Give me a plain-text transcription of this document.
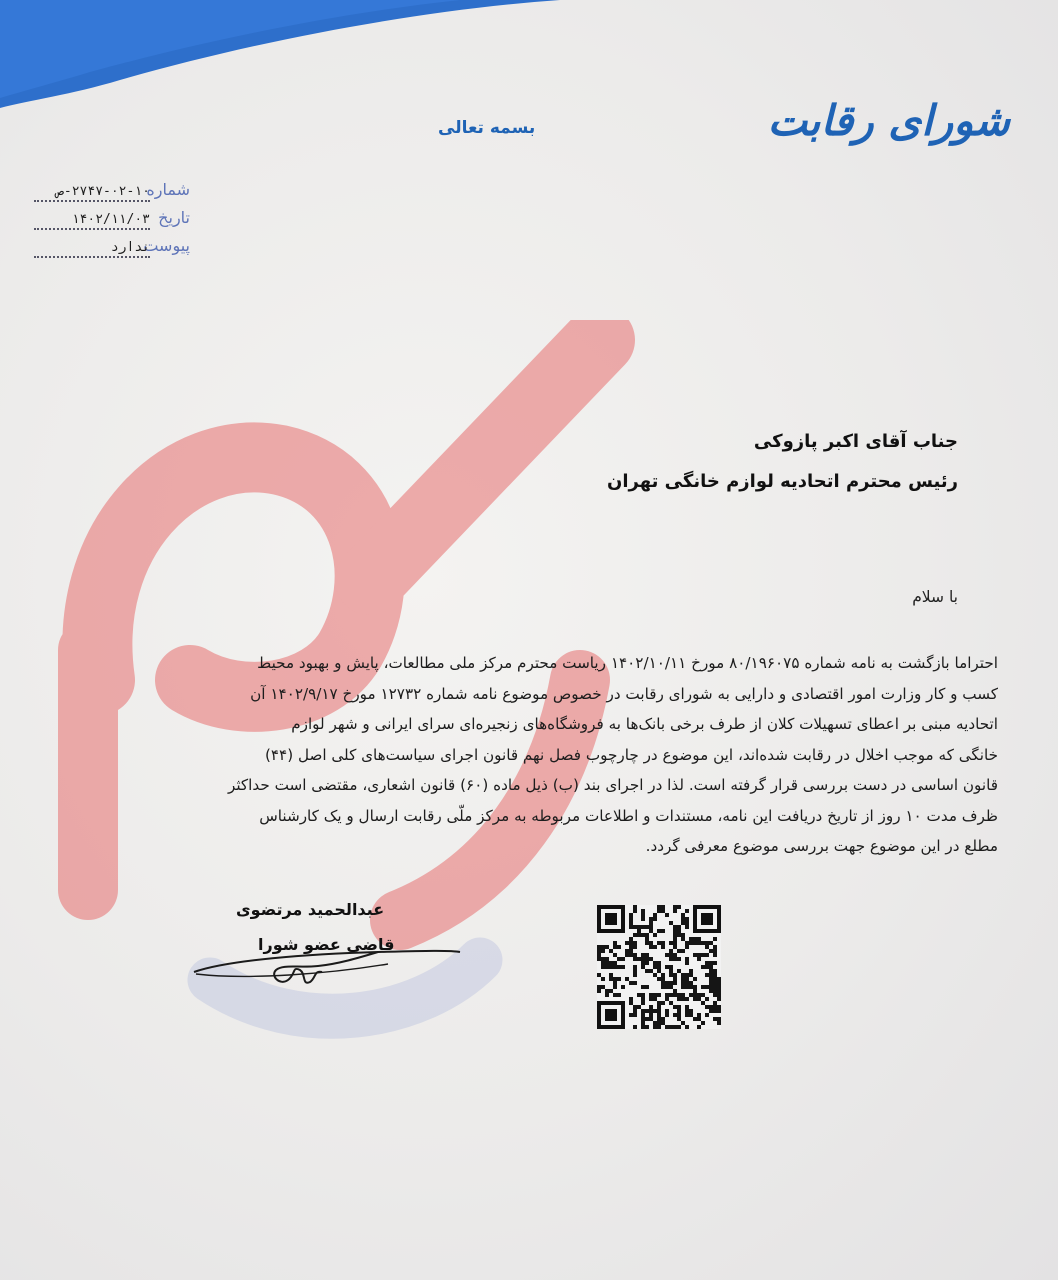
شورای رقابت
بسمه تعالی
شماره
۲۷۴۷-۰۲-۱۰-ص
تاریخ
۱۴۰۲/۱۱/۰۳
پیوست
ندارد
جناب آقای اکبر پازوکی
رئیس محترم اتحادیه لوازم خانگی تهران
با سلام
احتراما بازگشت به نامه شماره ۸۰/۱۹۶۰۷۵ مورخ ۱۴۰۲/۱۰/۱۱ ریاست محترم مرکز ملی مطالعات، پایش و بهبود محیط
کسب و کار وزارت امور اقتصادی و دارایی به شورای رقابت در خصوص موضوع نامه شماره ۱۲۷۳۲ مورخ ۱۴۰۲/۹/۱۷ آن
اتحادیه مبنی بر اعطای تسهیلات کلان از طرف برخی بانک‌ها به فروشگاه‌های زنجیره‌ای سرای ایرانی و شهر لوازم
خانگی که موجب اخلال در رقابت شده‌اند، این موضوع در چارچوب فصل نهم قانون اجرای سیاست‌های کلی اصل (۴۴)
قانون اساسی در دست بررسی قرار گرفته است. لذا در اجرای بند (ب) ذیل ماده (۶۰) قانون اشعاری، مقتضی است حداکثر
ظرف مدت ۱۰ روز از تاریخ دریافت این نامه، مستندات و اطلاعات مربوطه به مرکز ملّی رقابت ارسال و یک کارشناس
مطلع در این موضوع جهت بررسی موضوع معرفی گردد.
عبدالحمید مرتضوی
قاضی عضو شورا
